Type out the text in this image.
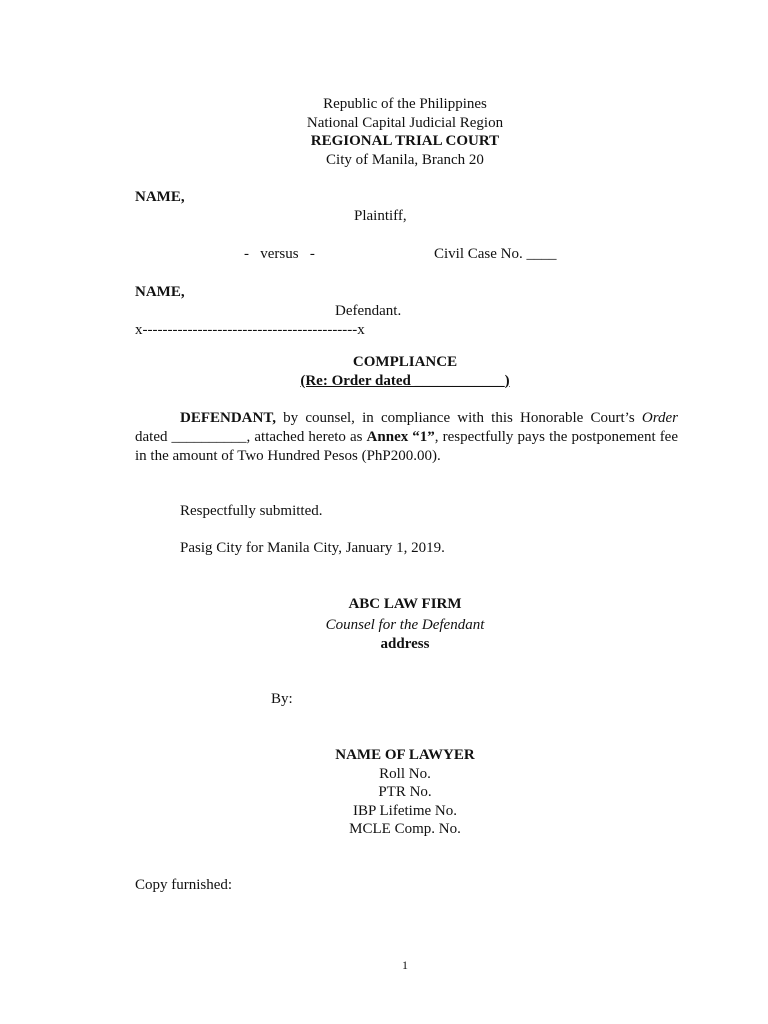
Republic of the Philippines
National Capital Judicial Region
REGIONAL TRIAL COURT
City of Manila, Branch 20
NAME,
Plaintiff,
-   versus   -	Civil Case No. ____
NAME,
Defendant.
x-------------------------------------------x
COMPLIANCE
(Re: Order dated ____________)
DEFENDANT, by counsel, in compliance with this Honorable Court’s Order dated __________, attached hereto as Annex “1”, respectfully pays the postponement fee in the amount of Two Hundred Pesos (PhP200.00).
Respectfully submitted.
Pasig City for Manila City, January 1, 2019.
ABC LAW FIRM
Counsel for the Defendant
address
By:
NAME OF LAWYER
Roll No.
PTR No.
IBP Lifetime No.
MCLE Comp. No.
Copy furnished:
1
